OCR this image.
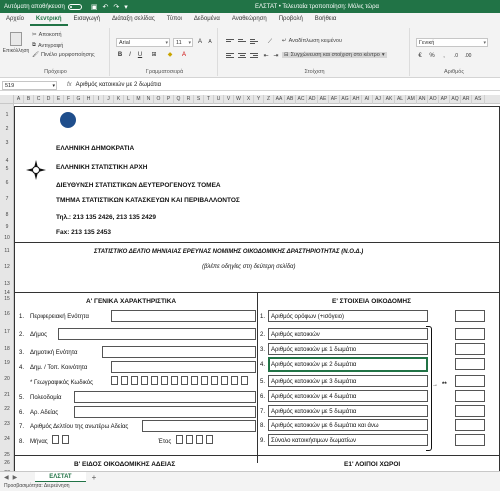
Αυτόματη αποθήκευση	▣ ↶ ↷ ▾	ΕΛΣΤΑΤ • Τελευταία τροποποίηση: Μόλις τώρα
Αρχείο	Κεντρική	Εισαγωγή	Διάταξη σελίδας	Τύποι	Δεδομένα	Αναθεώρηση	Προβολή	Βοήθεια
Επικόλληση
✂ Αποκοπή
⧉ Αντιγραφή
🖌 Πινέλο μορφοποίησης
Πρόχειρο
Arial	▾	11 ▾	A	A
B	I	U	⊞ ◆	A
Γραμματοσειρά
⟋	↵ Αναδίπλωση κειμένου
⇤ ⇥ ⊟ Συγχώνευση και στοίχιση στο κέντρο ▾
Στοίχιση
Γενική	▾
€	%	‚	.0	.00
Αριθμός
519	▾ fx Αριθμός κατοικιών με 2 δωμάτια
A	B	C	D	E	F	G	H	I	J	K	L	M	N	O	P	Q	R	S	T	U	V	W	X	Y	Z	AA AB AC AD AE AF AG AH	AI	AJ AK AL AM AN AO AP AQ AR	AS
1
2
3
4
5
6
7
8
9
10
11
12
13
14
15
16
17
18
19
20
21
22
23
24
25
26
ΕΛΛΗΝΙΚΗ ΔΗΜΟΚΡΑΤΙΑ
ΕΛΛΗΝΙΚΗ ΣΤΑΤΙΣΤΙΚΗ ΑΡΧΗ
ΔΙΕΥΘΥΝΣΗ ΣΤΑΤΙΣΤΙΚΩΝ ΔΕΥΤΕΡΟΓΕΝΟΥΣ ΤΟΜΕΑ
ΤΜΗΜΑ ΣΤΑΤΙΣΤΙΚΩΝ ΚΑΤΑΣΚΕΥΩΝ ΚΑΙ ΠΕΡΙΒΑΛΛΟΝΤΟΣ
Τηλ.: 213 135 2426, 213 135 2429
Fax: 213 135 2453
ΣΤΑΤΙΣΤΙΚΟ ΔΕΛΤΙΟ ΜΗΝΙΑΙΑΣ ΕΡΕΥΝΑΣ ΝΟΜΙΜΗΣ ΟΙΚΟΔΟΜΙΚΗΣ ΔΡΑΣΤΗΡΙΟΤΗΤΑΣ (Ν.Ο.Δ.)
(βλέπε οδηγίες στη δεύτερη σελίδα)
Α' ΓΕΝΙΚΑ ΧΑΡΑΚΤΗΡΙΣΤΙΚΑ
1. Περιφερειακή Ενότητα
2. Δήμος
3. Δημοτική Ενότητα
4. Δημ. / Τοπ. Κοινότητα
* Γεωγραφικός Κωδικός
5. Πολεοδομία
6. Αρ. Αδείας
7. Αριθμός Δελτίου της ανωτέρω Αδείας
8. Μήνας	Έτος
Ε' ΣΤΟΙΧΕΙΑ ΟΙΚΟΔΟΜΗΣ
1. Αριθμός ορόφων (+ισόγειο)
2. Αριθμός κατοικιών
3. Αριθμός κατοικιών με 1 δωμάτιο
4. Αριθμός κατοικιών με 2 δωμάτια
5. Αριθμός κατοικιών με 3 δωμάτια
6. Αριθμός κατοικιών με 4 δωμάτια
7. Αριθμός κατοικιών με 5 δωμάτια
8. Αριθμός κατοικιών με 6 δωμάτια και άνω
9. Σύνολο κατοικήσιμων δωματίων
→ **
Β' ΕΙΔΟΣ ΟΙΚΟΔΟΜΙΚΗΣ ΑΔΕΙΑΣ	Ε1' ΛΟΙΠΟΙ ΧΩΡΟΙ
◀ ▶	ΕΛΣΤΑΤ	+
Προσβασιμότητα: Διερεύνηση
